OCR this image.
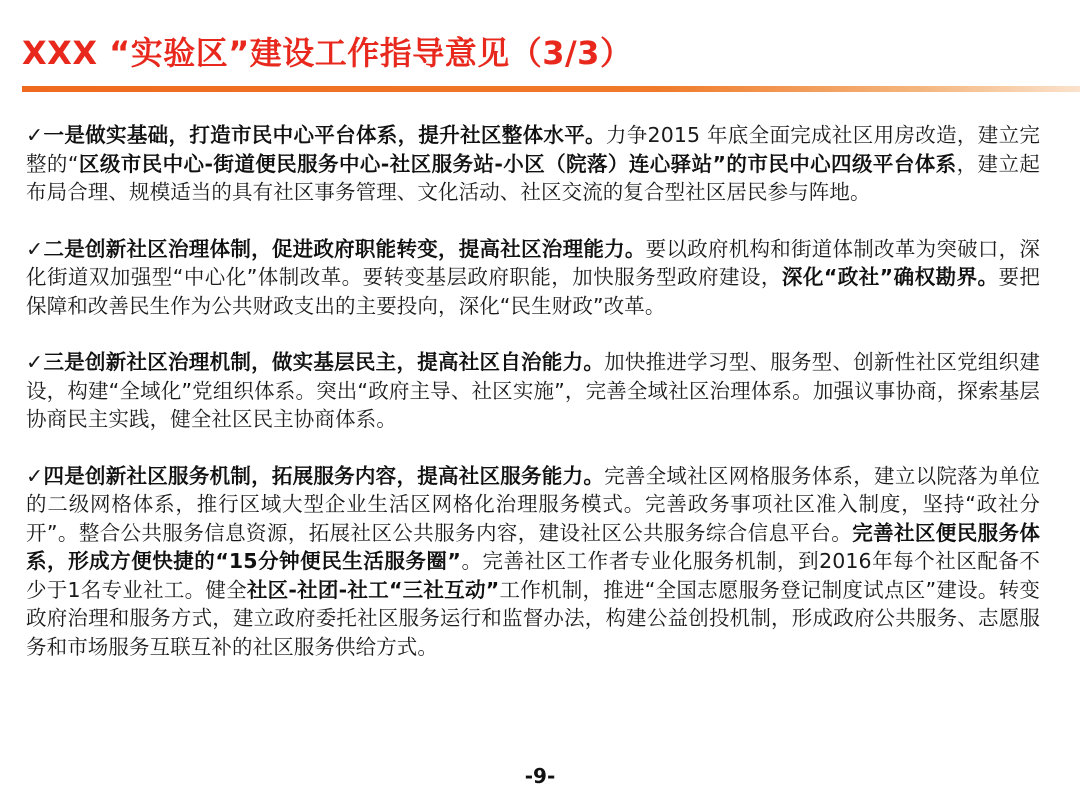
XXX “实验区”建设工作指导意见（3/3）

✓一是做实基础，打造市民中心平台体系，提升社区整体水平。力争2015 年底全面完成社区用房改造，建立完整的“区级市民中心-街道便民服务中心-社区服务站-小区（院落）连心驿站”的市民中心四级平台体系，建立起布局合理、规模适当的具有社区事务管理、文化活动、社区交流的复合型社区居民参与阵地。

✓二是创新社区治理体制，促进政府职能转变，提高社区治理能力。要以政府机构和街道体制改革为突破口，深化街道双加强型“中心化”体制改革。要转变基层政府职能，加快服务型政府建设，深化“政社”确权勘界。要把保障和改善民生作为公共财政支出的主要投向，深化“民生财政”改革。

✓三是创新社区治理机制，做实基层民主，提高社区自治能力。加快推进学习型、服务型、创新性社区党组织建设，构建“全域化”党组织体系。突出“政府主导、社区实施”，完善全域社区治理体系。加强议事协商，探索基层协商民主实践，健全社区民主协商体系。

✓四是创新社区服务机制，拓展服务内容，提高社区服务能力。完善全域社区网格服务体系，建立以院落为单位的二级网格体系，推行区域大型企业生活区网格化治理服务模式。完善政务事项社区准入制度，坚持“政社分开”。整合公共服务信息资源，拓展社区公共服务内容，建设社区公共服务综合信息平台。完善社区便民服务体系，形成方便快捷的“15分钟便民生活服务圈”。完善社区工作者专业化服务机制，到2016年每个社区配备不少于1名专业社工。健全社区-社团-社工“三社互动”工作机制，推进“全国志愿服务登记制度试点区”建设。转变政府治理和服务方式，建立政府委托社区服务运行和监督办法，构建公益创投机制，形成政府公共服务、志愿服务和市场服务互联互补的社区服务供给方式。

-9-
